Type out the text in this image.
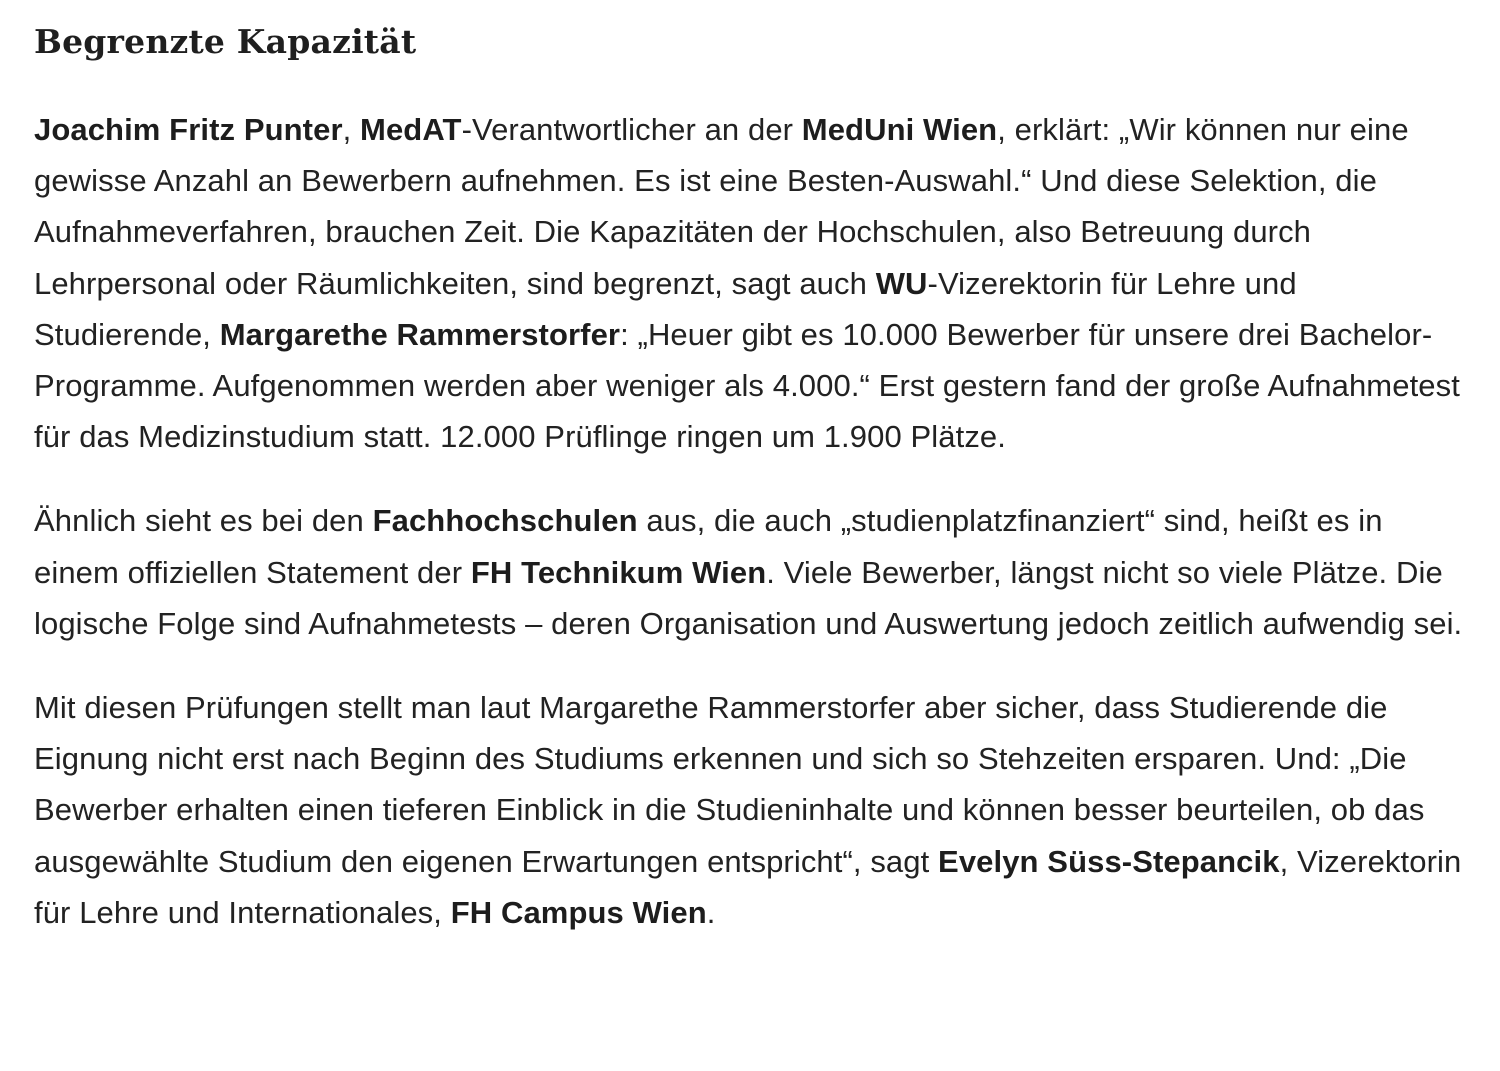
Begrenzte Kapazität

Joachim Fritz Punter, MedAT-Verantwortlicher an der MedUni Wien, erklärt: „Wir können nur eine gewisse Anzahl an Bewerbern aufnehmen. Es ist eine Besten-Auswahl.“ Und diese Selektion, die Aufnahmeverfahren, brauchen Zeit. Die Kapazitäten der Hochschulen, also Betreuung durch Lehrpersonal oder Räumlichkeiten, sind begrenzt, sagt auch WU-Vizerektorin für Lehre und Studierende, Margarethe Rammerstorfer: „Heuer gibt es 10.000 Bewerber für unsere drei Bachelor-Programme. Aufgenommen werden aber weniger als 4.000.“ Erst gestern fand der große Aufnahmetest für das Medizinstudium statt. 12.000 Prüflinge ringen um 1.900 Plätze.

Ähnlich sieht es bei den Fachhochschulen aus, die auch „studienplatzfinanziert“ sind, heißt es in einem offiziellen Statement der FH Technikum Wien. Viele Bewerber, längst nicht so viele Plätze. Die logische Folge sind Aufnahmetests – deren Organisation und Auswertung jedoch zeitlich aufwendig sei.

Mit diesen Prüfungen stellt man laut Margarethe Rammerstorfer aber sicher, dass Studierende die Eignung nicht erst nach Beginn des Studiums erkennen und sich so Stehzeiten ersparen. Und: „Die Bewerber erhalten einen tieferen Einblick in die Studieninhalte und können besser beurteilen, ob das ausgewählte Studium den eigenen Erwartungen entspricht“, sagt Evelyn Süss-Stepancik, Vizerektorin für Lehre und Internationales, FH Campus Wien.
